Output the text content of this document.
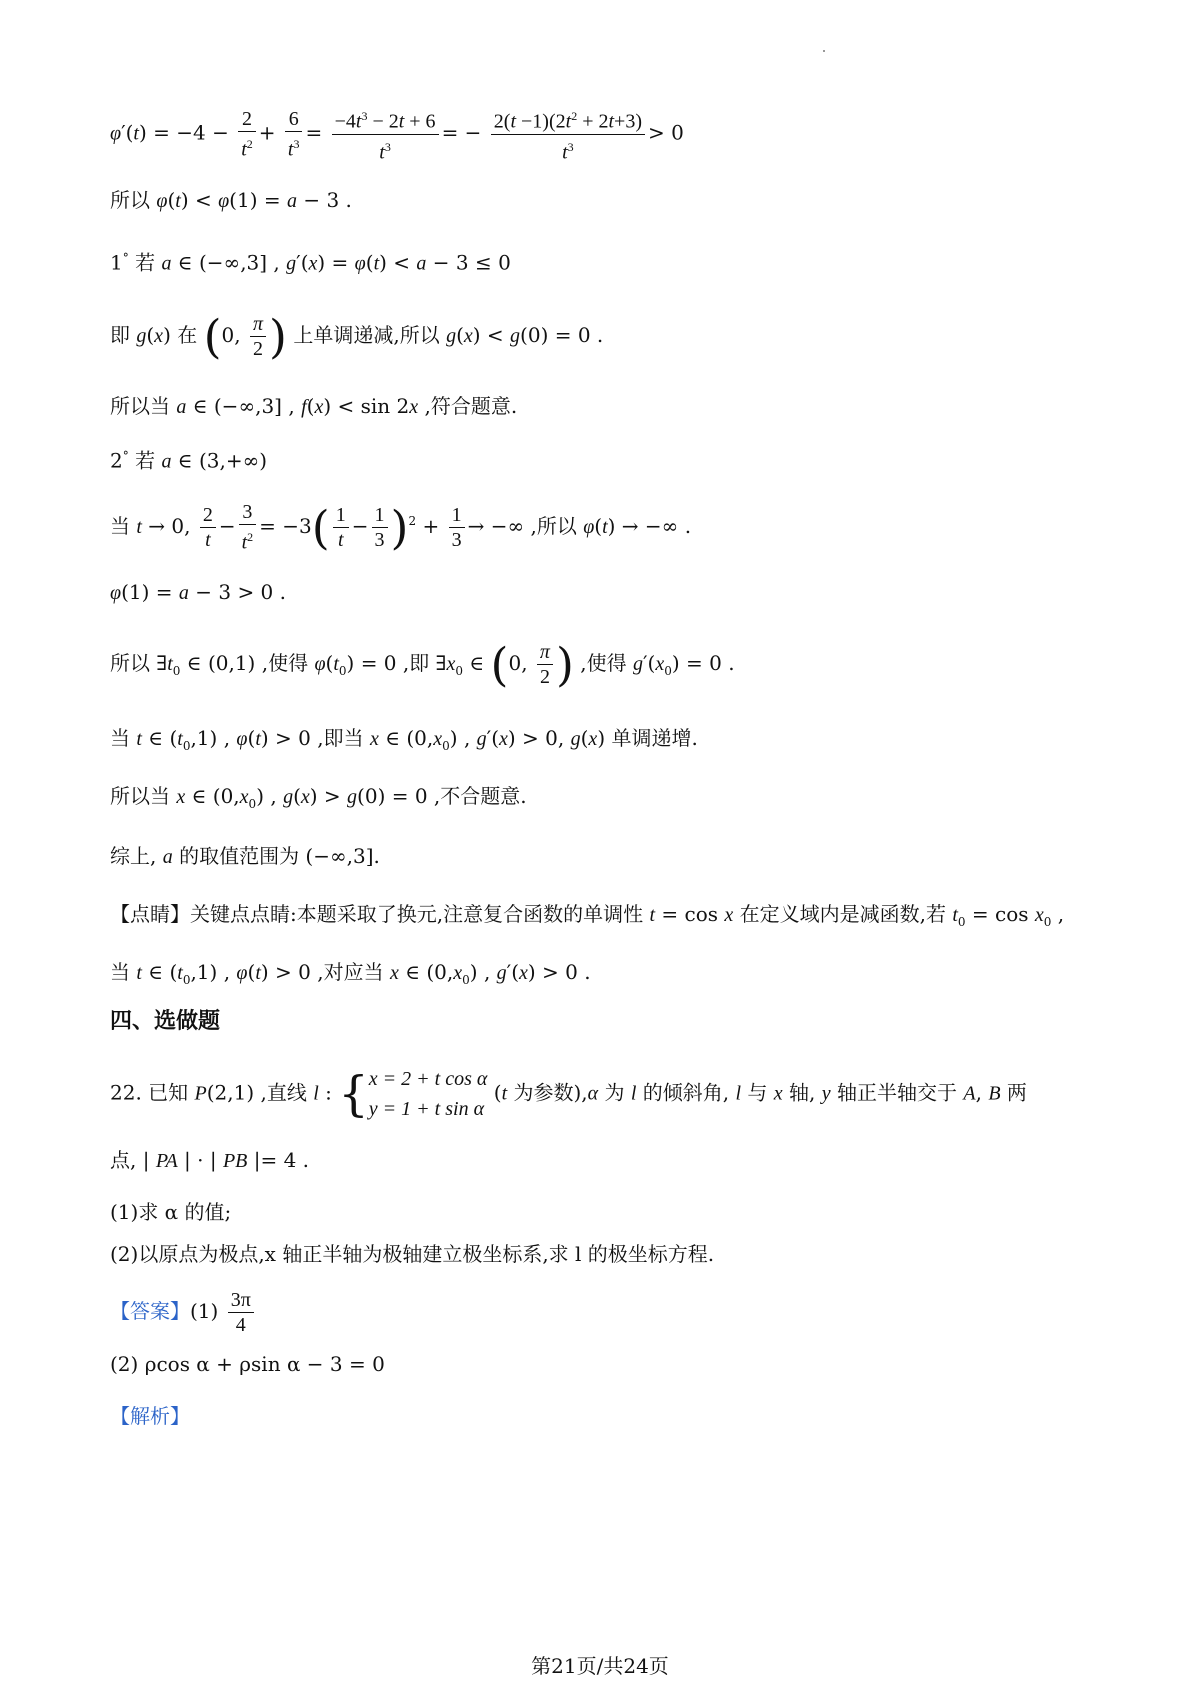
$\varphi'(t) = -4 - \frac{2}{t^2} + \frac{6}{t^3} = \frac{-4t^3 - 2t + 6}{t^3}$ = − $\frac{2(t -1)(2t^2 + 2t+3)}{t^3} > 0$
所以 φ(t) < φ(1) = a − 3 .
1° 若 a ∈ (−∞,3] , g′(x) = φ(t) < a − 3 ≤ 0
即 g(x) 在 (0, $\frac{\pi}{2}$ ) 上单调递减,所以 g(x) < g(0) = 0 .
所以当 a ∈ (−∞,3] , f(x) < sin 2x ,符合题意.
2° 若 a ∈ (3,+∞)
当 t → 0, $\frac{2}{t} - \frac{3}{t^2} = -3( \frac{1}{t} - \frac{1}{3} )^2 + \frac{1}{3}$ → −∞ ,所以 φ(t) → −∞ .
φ(1) = a − 3 > 0 .
所以 $\exists t_0$ ∈ (0,1) ,使得 $\varphi(t_0) = 0$ ,即 $\exists x_0$ ∈ (0, $\frac{\pi}{2}$ ) ,使得 $g'(x_0) = 0$ .
当 t ∈ $(t_0,1)$ , φ(t) > 0 ,即当 x ∈ $(0,x_0)$ , g′(x) > 0, g(x) 单调递增.
所以当 x ∈ $(0,x_0)$ , g(x) > g(0) = 0 ,不合题意.
综上, a 的取值范围为 (−∞,3].
【点睛】关键点点睛:本题采取了换元,注意复合函数的单调性 t = cos x 在定义域内是减函数,若 $t_0 = \cos x_0$ ,
当 t ∈ $(t_0,1)$ , φ(t) > 0 ,对应当 x ∈ $(0,x_0)$ , g′(x) > 0 .
四、选做题
22. 已知 P(2,1) ,直线 l : {x = 2 + t cos α
y = 1 + t sin α (t 为参数),α 为 l 的倾斜角, l 与 x 轴, y 轴正半轴交于 A, B 两
点, | PA | · | PB |= 4 .
(1)求 α 的值;
(2)以原点为极点,x 轴正半轴为极轴建立极坐标系,求 l 的极坐标方程.
【答案】$(1) \frac{3\pi}{4}$
(2) ρcos α + ρsin α − 3 = 0
【解析】
第21页/共24页
